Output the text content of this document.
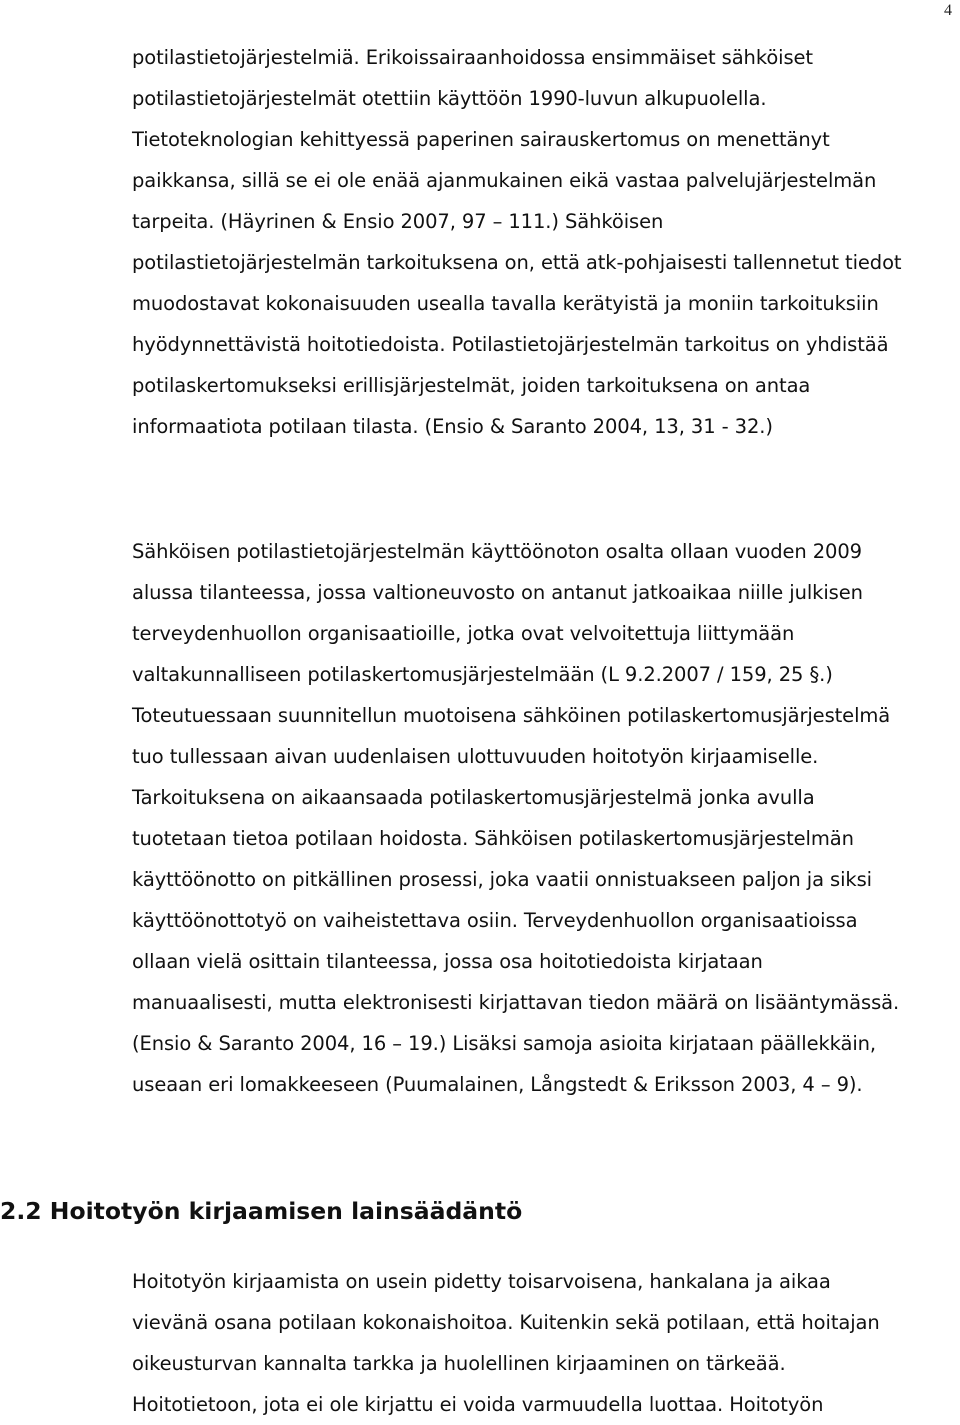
4

potilastietojärjestelmiä. Erikoissairaanhoidossa ensimmäiset sähköiset
potilastietojärjestelmät otettiin käyttöön 1990-luvun alkupuolella.
Tietoteknologian kehittyessä paperinen sairauskertomus on menettänyt
paikkansa, sillä se ei ole enää ajanmukainen eikä vastaa palvelujärjestelmän
tarpeita. (Häyrinen & Ensio 2007, 97 – 111.) Sähköisen
potilastietojärjestelmän tarkoituksena on, että atk-pohjaisesti tallennetut tiedot
muodostavat kokonaisuuden usealla tavalla kerätyistä ja moniin tarkoituksiin
hyödynnettävistä hoitotiedoista. Potilastietojärjestelmän tarkoitus on yhdistää
potilaskertomukseksi erillisjärjestelmät, joiden tarkoituksena on antaa
informaatiota potilaan tilasta. (Ensio & Saranto 2004, 13, 31 - 32.)

Sähköisen potilastietojärjestelmän käyttöönoton osalta ollaan vuoden 2009
alussa tilanteessa, jossa valtioneuvosto on antanut jatkoaikaa niille julkisen
terveydenhuollon organisaatioille, jotka ovat velvoitettuja liittymään
valtakunnalliseen potilaskertomusjärjestelmään (L 9.2.2007 / 159, 25 §.)
Toteutuessaan suunnitellun muotoisena sähköinen potilaskertomusjärjestelmä
tuo tullessaan aivan uudenlaisen ulottuvuuden hoitotyön kirjaamiselle.
Tarkoituksena on aikaansaada potilaskertomusjärjestelmä jonka avulla
tuotetaan tietoa potilaan hoidosta. Sähköisen potilaskertomusjärjestelmän
käyttöönotto on pitkällinen prosessi, joka vaatii onnistuakseen paljon ja siksi
käyttöönottotyö on vaiheistettava osiin. Terveydenhuollon organisaatioissa
ollaan vielä osittain tilanteessa, jossa osa hoitotiedoista kirjataan
manuaalisesti, mutta elektronisesti kirjattavan tiedon määrä on lisääntymässä.
(Ensio & Saranto 2004, 16 – 19.) Lisäksi samoja asioita kirjataan päällekkäin,
useaan eri lomakkeeseen (Puumalainen, Långstedt & Eriksson 2003, 4 – 9).

2.2 Hoitotyön kirjaamisen lainsäädäntö

Hoitotyön kirjaamista on usein pidetty toisarvoisena, hankalana ja aikaa
vievänä osana potilaan kokonaishoitoa. Kuitenkin sekä potilaan, että hoitajan
oikeusturvan kannalta tarkka ja huolellinen kirjaaminen on tärkeää.
Hoitotietoon, jota ei ole kirjattu ei voida varmuudella luottaa. Hoitotyön
